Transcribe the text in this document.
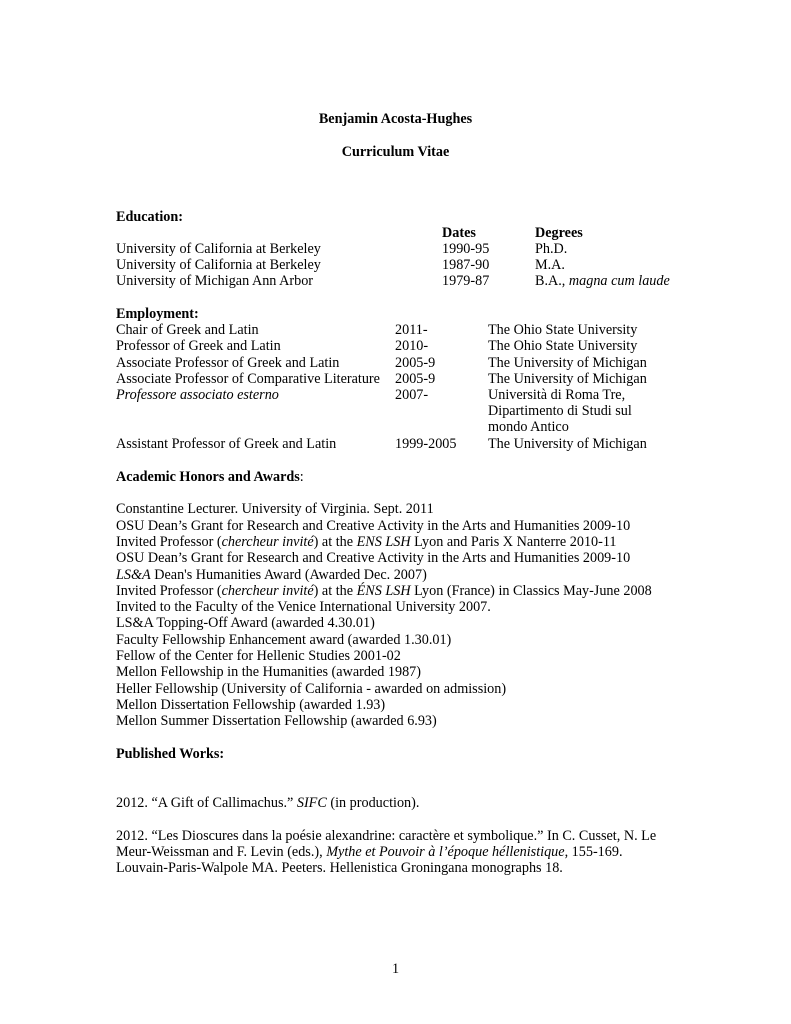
Benjamin Acosta-Hughes
Curriculum Vitae
Education:
Dates	Degrees
University of California at Berkeley	1990-95	Ph.D.
University of California at Berkeley	1987-90	M.A.
University of Michigan Ann Arbor	1979-87	B.A., magna cum laude
Employment:
Chair of Greek and Latin	2011-	The Ohio State University
Professor of Greek and Latin	2010-	The Ohio State University
Associate Professor of Greek and Latin	2005-9	The University of Michigan
Associate Professor of Comparative Literature 2005-9	The University of Michigan
Professore associato esterno	2007-	Università di Roma Tre,
Dipartimento di Studi sul
mondo Antico
Assistant Professor of Greek and Latin	1999-2005 The University of Michigan
Academic Honors and Awards:
Constantine Lecturer. University of Virginia. Sept. 2011
OSU Dean’s Grant for Research and Creative Activity in the Arts and Humanities 2009-10
Invited Professor (chercheur invité) at the ENS LSH Lyon and Paris X Nanterre 2010-11
OSU Dean’s Grant for Research and Creative Activity in the Arts and Humanities 2009-10
LS&A Dean's Humanities Award (Awarded Dec. 2007)
Invited Professor (chercheur invité) at the ÉNS LSH Lyon (France) in Classics May-June 2008
Invited to the Faculty of the Venice International University 2007.
LS&A Topping-Off Award (awarded 4.30.01)
Faculty Fellowship Enhancement award (awarded 1.30.01)
Fellow of the Center for Hellenic Studies 2001-02
Mellon Fellowship in the Humanities (awarded 1987)
Heller Fellowship (University of California - awarded on admission)
Mellon Dissertation Fellowship (awarded 1.93)
Mellon Summer Dissertation Fellowship (awarded 6.93)
Published Works:
2012. “A Gift of Callimachus.” SIFC (in production).
2012. “Les Dioscures dans la poésie alexandrine: caractère et symbolique.” In C. Cusset, N. Le
Meur-Weissman and F. Levin (eds.), Mythe et Pouvoir à l’époque héllenistique, 155-169.
Louvain-Paris-Walpole MA. Peeters. Hellenistica Groningana monographs 18.
1
